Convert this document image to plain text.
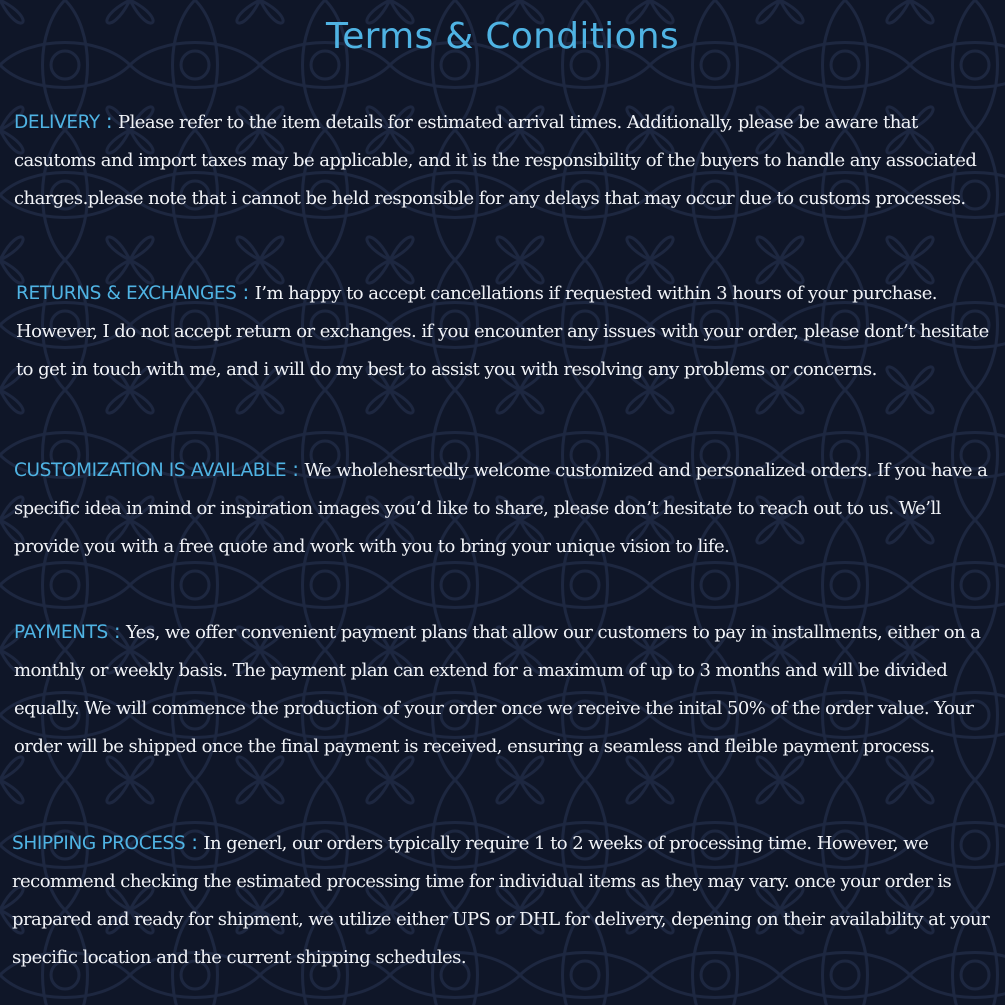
Terms & Conditions

DELIVERY : Please refer to the item details for estimated arrival times. Additionally, please be aware that casutoms and import taxes may be applicable, and it is the responsibility of the buyers to handle any associated charges.please note that i cannot be held responsible for any delays that may occur due to customs processes.

RETURNS & EXCHANGES : I’m happy to accept cancellations if requested within 3 hours of your purchase. However, I do not accept return or exchanges. if you encounter any issues with your order, please dont’t hesitate to get in touch with me, and i will do my best to assist you with resolving any problems or concerns.

CUSTOMIZATION IS AVAILABLE : We wholehesrtedly welcome customized and personalized orders. If you have a specific idea in mind or inspiration images you’d like to share, please don’t hesitate to reach out to us. We’ll provide you with a free quote and work with you to bring your unique vision to life.

PAYMENTS : Yes, we offer convenient payment plans that allow our customers to pay in installments, either on a monthly or weekly basis. The payment plan can extend for a maximum of up to 3 months and will be divided equally. We will commence the production of your order once we receive the inital 50% of the order value. Your order will be shipped once the final payment is received, ensuring a seamless and fleible payment process.

SHIPPING PROCESS : In generl, our orders typically require 1 to 2 weeks of processing time. However, we recommend checking the estimated processing time for individual items as they may vary. once your order is prapared and ready for shipment, we utilize either UPS or DHL for delivery, depening on their availability at your specific location and the current shipping schedules.
